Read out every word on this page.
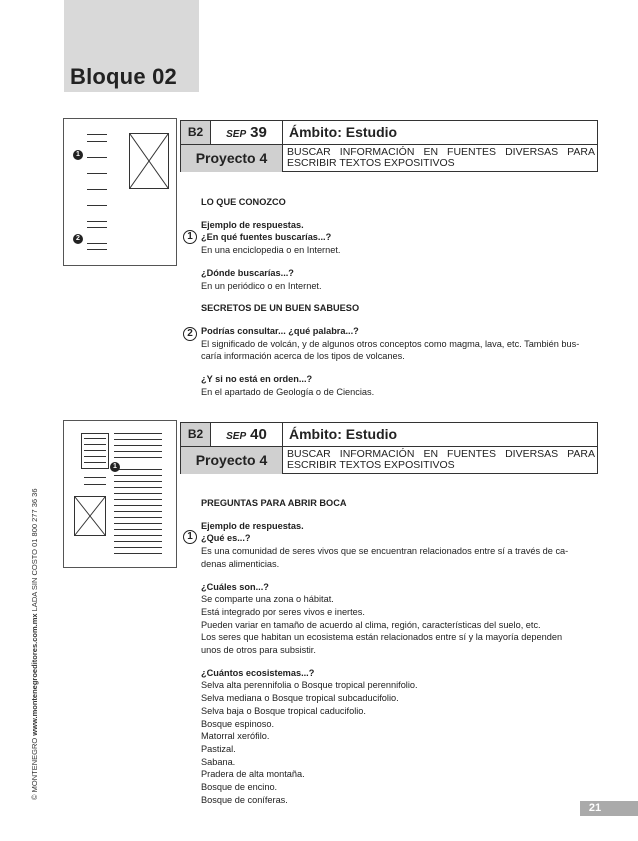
Bloque 02
© MONTENEGRO www.montenegroeditores.com.mx LADA SIN COSTO 01 800 277 36 36
1
2
B2	SEP 39	Ámbito: Estudio
Proyecto 4	BUSCAR INFORMACIÓN EN FUENTES DIVERSAS PARA
ESCRIBIR TEXTOS EXPOSITIVOS
1
2

LO QUE CONOZCO

Ejemplo de respuestas.

¿En qué fuentes buscarías...?

En una enciclopedia o en Internet.

¿Dónde buscarías...?

En un periódico o en Internet.

SECRETOS DE UN BUEN SABUESO

Podrías consultar... ¿qué palabra...?

El significado de volcán, y de algunos otros conceptos como magma, lava, etc. También bus-

caría información acerca de los tipos de volcanes.

¿Y si no está en orden...?

En el apartado de Geología o de Ciencias.

1
B2	SEP 40	Ámbito: Estudio
Proyecto 4	BUSCAR INFORMACIÓN EN FUENTES DIVERSAS PARA
ESCRIBIR TEXTOS EXPOSITIVOS
1

PREGUNTAS PARA ABRIR BOCA

Ejemplo de respuestas.

¿Qué es...?

Es una comunidad de seres vivos que se encuentran relacionados entre sí a través de ca-

denas alimenticias.

¿Cuáles son...?

Se comparte una zona o hábitat.

Está integrado por seres vivos e inertes.

Pueden variar en tamaño de acuerdo al clima, región, características del suelo, etc.

Los seres que habitan un ecosistema están relacionados entre sí y la mayoría dependen

unos de otros para subsistir.

¿Cuántos ecosistemas...?

Selva alta perennifolia o Bosque tropical perennifolio.

Selva mediana o Bosque tropical subcaducifolio.

Selva baja o Bosque tropical caducifolio.

Bosque espinoso.

Matorral xerófilo.

Pastizal.

Sabana.

Pradera de alta montaña.

Bosque de encino.

Bosque de coníferas.

21
